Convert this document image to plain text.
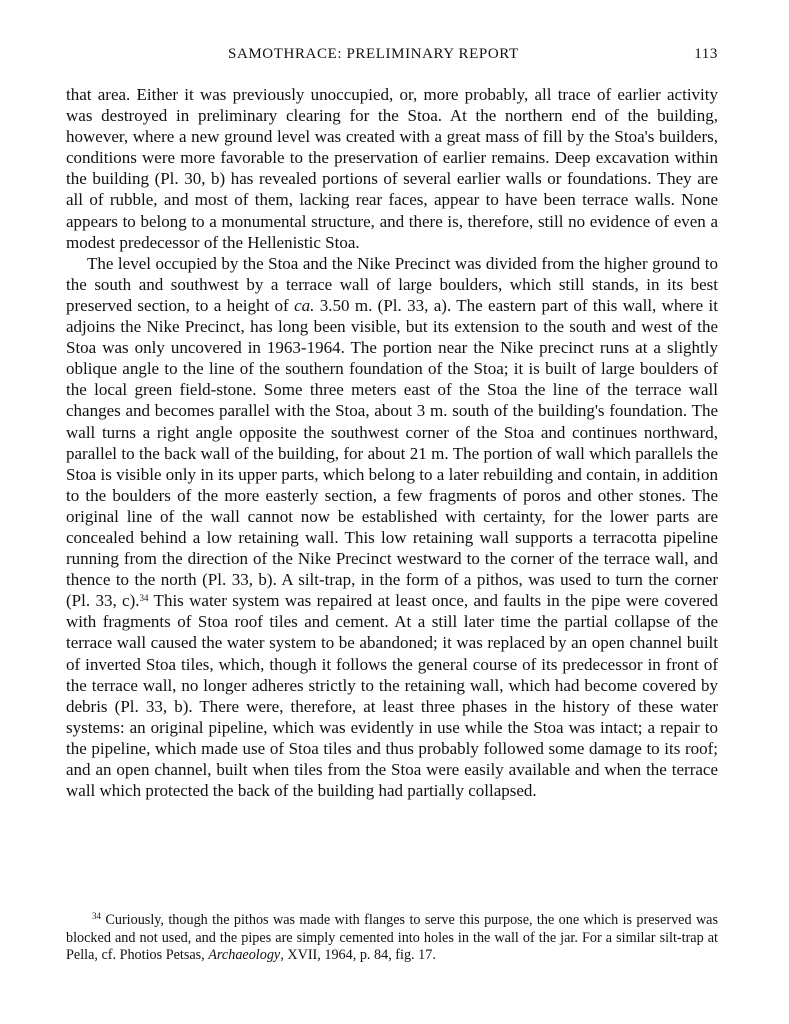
SAMOTHRACE: PRELIMINARY REPORT	113

that area. Either it was previously unoccupied, or, more probably, all trace of earlier activity was destroyed in preliminary clearing for the Stoa. At the northern end of the building, however, where a new ground level was created with a great mass of fill by the Stoa's builders, conditions were more favorable to the preservation of earlier remains. Deep excavation within the building (Pl. 30, b) has revealed portions of several earlier walls or foundations. They are all of rubble, and most of them, lacking rear faces, appear to have been terrace walls. None appears to belong to a monumental structure, and there is, therefore, still no evidence of even a modest predecessor of the Hellenistic Stoa.

The level occupied by the Stoa and the Nike Precinct was divided from the higher ground to the south and southwest by a terrace wall of large boulders, which still stands, in its best preserved section, to a height of ca. 3.50 m. (Pl. 33, a). The eastern part of this wall, where it adjoins the Nike Precinct, has long been visible, but its extension to the south and west of the Stoa was only uncovered in 1963-1964. The portion near the Nike precinct runs at a slightly oblique angle to the line of the southern foundation of the Stoa; it is built of large boulders of the local green field-stone. Some three meters east of the Stoa the line of the terrace wall changes and becomes parallel with the Stoa, about 3 m. south of the building's foundation. The wall turns a right angle opposite the southwest corner of the Stoa and continues northward, parallel to the back wall of the building, for about 21 m. The portion of wall which parallels the Stoa is visible only in its upper parts, which belong to a later rebuilding and contain, in addition to the boulders of the more easterly section, a few fragments of poros and other stones. The original line of the wall cannot now be established with certainty, for the lower parts are concealed behind a low retaining wall. This low retaining wall supports a terracotta pipeline running from the direction of the Nike Precinct westward to the corner of the terrace wall, and thence to the north (Pl. 33, b). A silt-trap, in the form of a pithos, was used to turn the corner (Pl. 33, c).$^{34}$ This water system was repaired at least once, and faults in the pipe were covered with fragments of Stoa roof tiles and cement. At a still later time the partial collapse of the terrace wall caused the water system to be abandoned; it was replaced by an open channel built of inverted Stoa tiles, which, though it follows the general course of its predecessor in front of the terrace wall, no longer adheres strictly to the retaining wall, which had become covered by debris (Pl. 33, b). There were, therefore, at least three phases in the history of these water systems: an original pipeline, which was evidently in use while the Stoa was intact; a repair to the pipeline, which made use of Stoa tiles and thus probably followed some damage to its roof; and an open channel, built when tiles from the Stoa were easily available and when the terrace wall which protected the back of the building had partially collapsed.

$^{34}$ Curiously, though the pithos was made with flanges to serve this purpose, the one which is preserved was blocked and not used, and the pipes are simply cemented into holes in the wall of the jar. For a similar silt-trap at Pella, cf. Photios Petsas, Archaeology, XVII, 1964, p. 84, fig. 17.
